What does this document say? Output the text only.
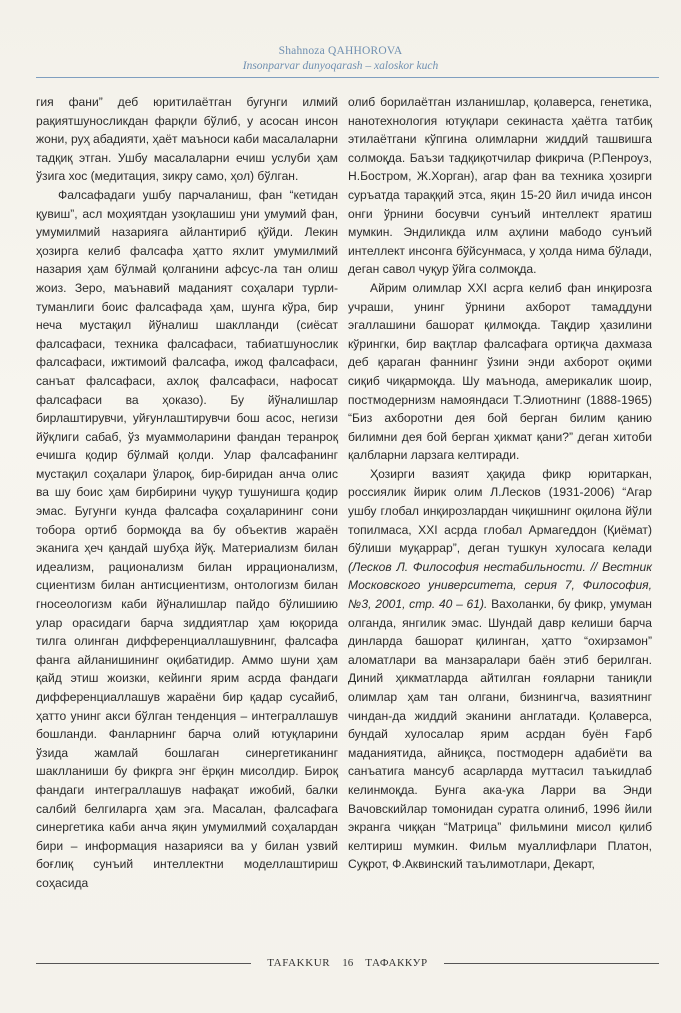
Shahnoza QAHHOROVA
Insonparvar dunyoqarash – xaloskor kuch

гия фани” деб юритилаётган бугунги илмий рақиятшуносликдан фарқли бўлиб, у асосан инсон жони, руҳ абадияти, ҳаёт маъноси каби масалаларни тадқиқ этган. Ушбу масалаларни ечиш услуби ҳам ўзига хос (медитация, зикру само, ҳол) бўлган.

Фалсафадаги ушбу парчаланиш, фан “кетидан қувиш”, асл моҳиятдан узоқлашиш уни умумий фан, умумилмий назарияга айлантириб қўйди. Лекин ҳозирга келиб фалсафа ҳатто яхлит умумилмий назария ҳам бўлмай қолганини афсус-ла тан олиш жоиз. Зеро, маънавий маданият соҳалари турли-туманлиги боис фалсафада ҳам, шунга кўра, бир неча мустақил йўналиш шаклланди (сиёсат фалсафаси, техника фалсафаси, табиатшунослик фалсафаси, ижтимоий фалсафа, ижод фалсафаси, санъат фалсафаси, ахлоқ фалсафаси, нафосат фалсафаси ва ҳоказо). Бу йўналишлар бирлаштирувчи, уйғунлаштирувчи бош асос, негизи йўқлиги сабаб, ўз муаммоларини фандан теранроқ ечишга қодир бўлмай қолди. Улар фалсафанинг мустақил соҳалари ўлароқ, бир-биридан анча олис ва шу боис ҳам бирбирини чуқур тушунишга қодир эмас. Бугунги кунда фалсафа соҳаларининг сони тобора ортиб бормоқда ва бу объектив жараён эканига ҳеч қандай шубҳа йўқ. Материализм билан идеализм, рационализм билан иррационализм, сциентизм билан антисциентизм, онтологизм билан гносеологизм каби йўналишлар пайдо бўлишиию улар орасидаги барча зиддиятлар ҳам юқорида тилга олинган дифференциаллашувнинг, фалсафа фанга айланишининг оқибатидир. Аммо шуни ҳам қайд этиш жоизки, кейинги ярим асрда фандаги дифференциаллашув жараёни бир қадар сусайиб, ҳатто унинг акси бўлган тенденция – интеграллашув бошланди. Фанларнинг барча олий ютуқларини ўзида жамлай бошлаган синергетиканинг шаклланиши бу фикрга энг ёрқин мисолдир. Бироқ фандаги интеграллашув нафақат ижобий, балки салбий белгиларга ҳам эга. Масалан, фалсафага синергетика каби анча яқин умумилмий соҳалардан бири – информация назарияси ва у билан узвий боғлиқ сунъий интеллектни моделлаштириш соҳасида

олиб борилаётган изланишлар, қолаверса, генетика, нанотехнология ютуқлари секинаста ҳаётга татбиқ этилаётгани кўпгина олимларни жиддий ташвишга солмоқда. Баъзи тадқиқотчилар фикрича (Р.Пенроуз, Н.Бостром, Ж.Хорган), агар фан ва техника ҳозирги суръатда тараққий этса, яқин 15-20 йил ичида инсон онги ўрнини босувчи сунъий интеллект яратиш мумкин. Эндиликда илм аҳлини мабодо сунъий интеллект инсонга бўйсунмаса, у ҳолда нима бўлади, деган савол чуқур ўйга солмоқда.

Айрим олимлар XXI асрга келиб фан инқирозга учраши, унинг ўрнини ахборот тамаддуни эгаллашини башорат қилмоқда. Тақдир ҳазилини кўрингки, бир вақтлар фалсафага ортиқча дахмаза деб қараган фаннинг ўзини энди ахборот оқими сиқиб чиқармоқда. Шу маънода, америкалик шоир, постмодернизм намояндаси Т.Элиотнинг (1888-1965) “Биз ахборотни дея бой берган билим қанию билимни дея бой берган ҳикмат қани?” деган хитоби қалбларни ларзага келтиради.

Ҳозирги вазият ҳақида фикр юритаркан, россиялик йирик олим Л.Лесков (1931-2006) “Агар ушбу глобал инқирозлардан чиқишнинг оқилона йўли топилмаса, XXI асрда глобал Армагеддон (Қиёмат) бўлиши муқаррар”, деган тушкун хулосага келади (Лесков Л. Философия нестабильности. // Вестник Московского университета, серия 7, Философия, №3, 2001, стр. 40 – 61). Вахоланки, бу фикр, умуман олганда, янгилик эмас. Шундай давр келиши барча динларда башорат қилинган, ҳатто “охирзамон” аломатлари ва манзаралари баён этиб берилган. Диний ҳикматларда айтилган ғояларни таниқли олимлар ҳам тан олгани, бизнингча, вазиятнинг чиндан-да жиддий эканини англатади. Қолаверса, бундай хулосалар ярим асрдан буён Ғарб маданиятида, айниқса, постмодерн адабиёти ва санъатига мансуб асарларда муттасил таъкидлаб келинмоқда. Бунга ака-ука Ларри ва Энди Вачовскийлар томонидан суратга олиниб, 1996 йили экранга чиққан “Матрица” фильмини мисол қилиб келтириш мумкин. Фильм муаллифлари Платон, Суқрот, Ф.Аквинский таълимотлари, Декарт,

TAFAKKUR 16 ТАФАККУР
